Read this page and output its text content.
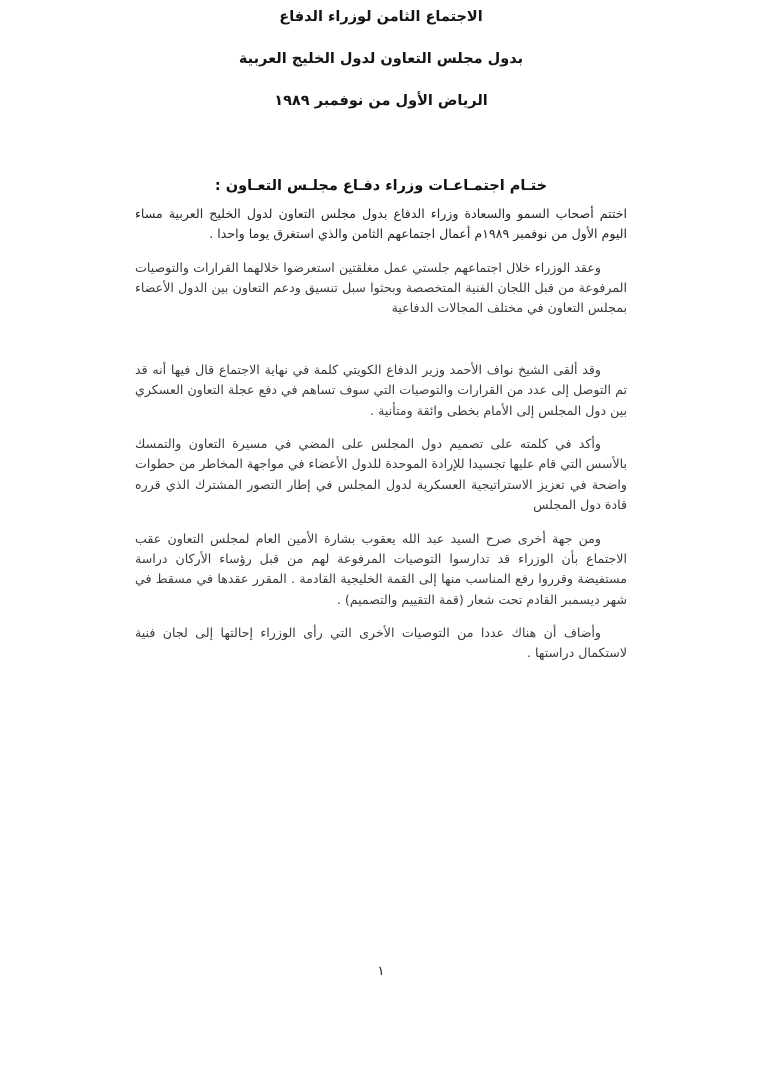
الاجتماع الثامن لوزراء الدفاع
بدول مجلس التعاون لدول الخليج العربية
الرياض الأول من نوفمبر ١٩٨٩
ختـام اجتمـاعـات وزراء دفـاع مجلـس التعـاون :

اختتم أصحاب السمو والسعادة وزراء الدفاع بدول مجلس التعاون لدول الخليج العربية مساء اليوم الأول من نوفمبر ١٩٨٩م أعمال اجتماعهم الثامن والذي استغرق يوما واحدا .

وعقد الوزراء خلال اجتماعهم جلستي عمل مغلقتين استعرضوا خلالهما القرارات والتوصيات المرفوعة من قبل اللجان الفنية المتخصصة وبحثوا سبل تنسيق ودعم التعاون بين الدول الأعضاء بمجلس التعاون في مختلف المجالات الدفاعية

وقد ألقى الشيخ نواف الأحمد وزير الدفاع الكويتي كلمة في نهاية الاجتماع قال فيها أنه قد تم التوصل إلى عدد من القرارات والتوصيات التي سوف تساهم في دفع عجلة التعاون العسكري بين دول المجلس إلى الأمام بخطى وائقة ومتأنية .

وأكد في كلمته على تصميم دول المجلس على المضي في مسيرة التعاون والتمسك بالأسس التي قام عليها تجسيدا للإرادة الموحدة للدول الأعضاء في مواجهة المخاطر من حطوات واضحة في تعزيز الاستراتيجية العسكرية لدول المجلس في إطار التصور المشترك الذي قرره قادة دول المجلس

ومن جهة أخرى صرح السيد عبد الله يعقوب بشارة الأمين العام لمجلس التعاون عقب الاجتماع بأن الوزراء قد تدارسوا التوصيات المرفوعة لهم من قبل رؤساء الأركان دراسة مستفيضة وقرروا رفع المناسب منها إلى القمة الخليجية القادمة . المقرر عقدها في مسقط في شهر ديسمبر القادم تحت شعار (قمة التقييم والتصميم) .

وأضاف أن هناك عددا من التوصيات الأخرى التي رأى الوزراء إحالتها إلى لجان فنية لاستكمال دراستها .

١
